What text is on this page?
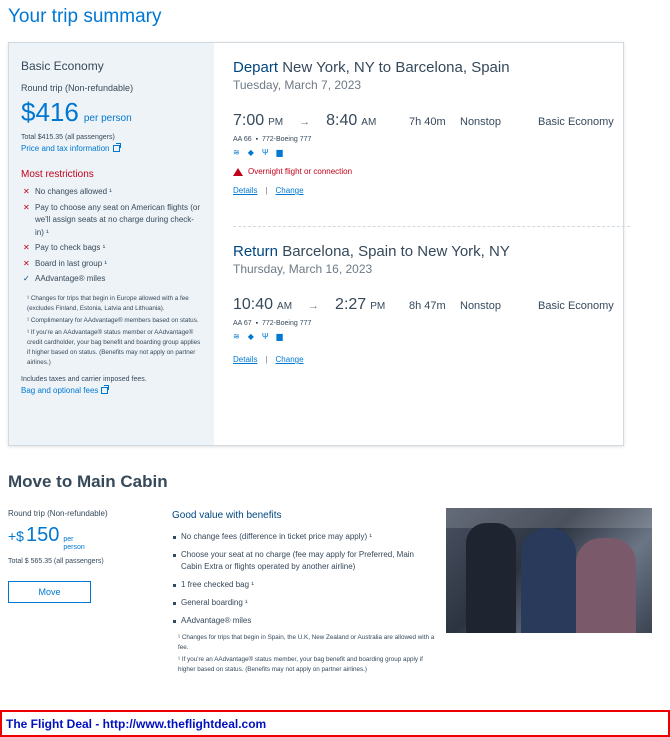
Your trip summary
Basic Economy
Round trip (Non-refundable)
$416 per person
Total $415.35 (all passengers)
Price and tax information
Most restrictions
✕ No changes allowed ¹
✕ Pay to choose any seat on American flights (or we'll assign seats at no charge during check-in) ¹
✕ Pay to check bags ¹
✕ Board in last group ¹
✓ AAdvantage® miles

¹ Changes for trips that begin in Europe allowed with a fee (excludes Finland, Estonia, Latvia and Lithuania).

¹ Complimentary for AAdvantage® members based on status.

¹ If you're an AAdvantage® status member or AAdvantage® credit cardholder, your bag benefit and boarding group applies if higher based on status. (Benefits may not apply on partner airlines.)

Includes taxes and carrier imposed fees.
Bag and optional fees
Depart New York, NY to Barcelona, Spain
Tuesday, March 7, 2023
7:00 PM → 8:40 AM	7h 40m Nonstop	Basic Economy
AA 66  ▪  772-Boeing 777
≋ ◆ Ψ ▆
Overnight flight or connection
Details | Change
Return Barcelona, Spain to New York, NY
Thursday, March 16, 2023
10:40 AM → 2:27 PM 8h 47m Nonstop	Basic Economy
AA 67  ▪  772-Boeing 777
≋ ◆ Ψ ▆
Details | Change
Move to Main Cabin
Round trip (Non-refundable)
+$ 150 per person
Total $ 565.35 (all passengers)
Move
Good value with benefits
No change fees (difference in ticket price may apply) ¹
Choose your seat at no charge (fee may apply for Preferred, Main Cabin Extra or flights operated by another airline)
1 free checked bag ¹
General boarding ¹
AAdvantage® miles

¹ Changes for trips that begin in Spain, the U.K, New Zealand or Australia are allowed with a fee.

¹ If you're an AAdvantage® status member, your bag benefit and boarding group apply if higher based on status. (Benefits may not apply on partner airlines.)

The Flight Deal - http://www.theflightdeal.com
